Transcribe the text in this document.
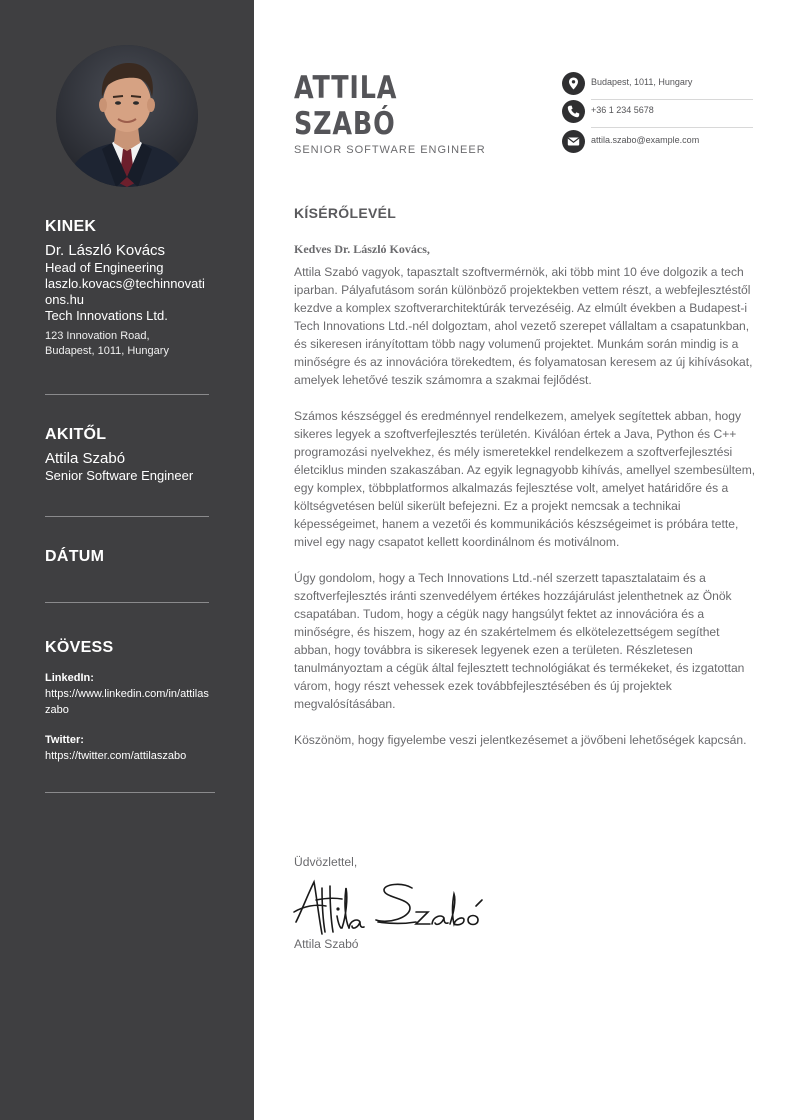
KINEK
Dr. László Kovács
Head of Engineering
laszlo.kovacs@techinnovations.hu
Tech Innovations Ltd.
123 Innovation Road,
Budapest, 1011, Hungary
AKITŐL
Attila Szabó
Senior Software Engineer
DÁTUM
KÖVESS
LinkedIn:
https://www.linkedin.com/in/attilaszabo
Twitter:
https://twitter.com/attilaszabo
ATTILA
SZABÓ
SENIOR SOFTWARE ENGINEER
Budapest, 1011, Hungary
+36 1 234 5678
attila.szabo@example.com
KÍSÉRŐLEVÉL
Kedves Dr. László Kovács,

Attila Szabó vagyok, tapasztalt szoftvermérnök, aki több mint 10 éve dolgozik a tech iparban. Pályafutásom során különböző projektekben vettem részt, a webfejlesztéstől kezdve a komplex szoftverarchitektúrák tervezéséig. Az elmúlt években a Budapest-i Tech Innovations Ltd.-nél dolgoztam, ahol vezető szerepet vállaltam a csapatunkban, és sikeresen irányítottam több nagy volumenű projektet. Munkám során mindig is a minőségre és az innovációra törekedtem, és folyamatosan keresem az új kihívásokat, amelyek lehetővé teszik számomra a szakmai fejlődést.

Számos készséggel és eredménnyel rendelkezem, amelyek segítettek abban, hogy sikeres legyek a szoftverfejlesztés területén. Kiválóan értek a Java, Python és C++ programozási nyelvekhez, és mély ismeretekkel rendelkezem a szoftverfejlesztési életciklus minden szakaszában. Az egyik legnagyobb kihívás, amellyel szembesültem, egy komplex, többplatformos alkalmazás fejlesztése volt, amelyet határidőre és a költségvetésen belül sikerült befejezni. Ez a projekt nemcsak a technikai képességeimet, hanem a vezetői és kommunikációs készségeimet is próbára tette, mivel egy nagy csapatot kellett koordinálnom és motiválnom.

Úgy gondolom, hogy a Tech Innovations Ltd.-nél szerzett tapasztalataim és a szoftverfejlesztés iránti szenvedélyem értékes hozzájárulást jelenthetnek az Önök csapatában. Tudom, hogy a cégük nagy hangsúlyt fektet az innovációra és a minőségre, és hiszem, hogy az én szakértelmem és elkötelezettségem segíthet abban, hogy továbbra is sikeresek legyenek ezen a területen. Részletesen tanulmányoztam a cégük által fejlesztett technológiákat és termékeket, és izgatottan várom, hogy részt vehessek ezek továbbfejlesztésében és új projektek megvalósításában.

Köszönöm, hogy figyelembe veszi jelentkezésemet a jövőbeni lehetőségek kapcsán.

Üdvözlettel,
Attila Szabó
